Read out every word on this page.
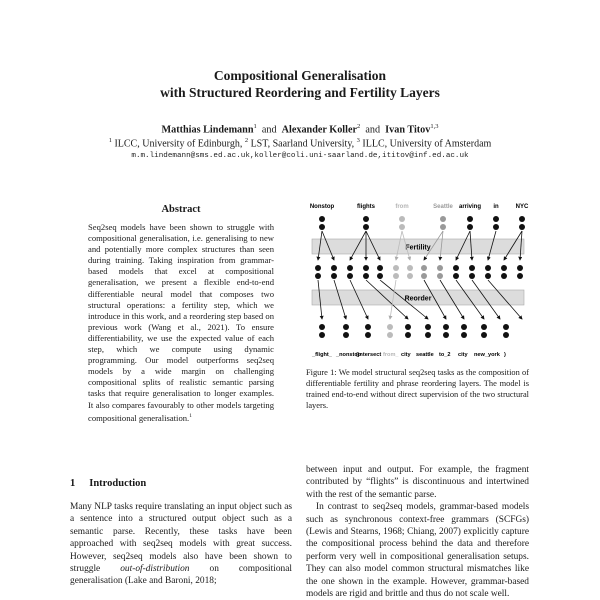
Compositional Generalisation
with Structured Reordering and Fertility Layers
Matthias Lindemann$^1$ and Alexander Koller$^2$ and Ivan Titov$^{1,3}$
$^1$ ILCC, University of Edinburgh, $^2$ LST, Saarland University, $^3$ ILLC, University of Amsterdam
m.m.lindemann@sms.ed.ac.uk,koller@coli.uni-saarland.de,ititov@inf.ed.ac.uk
Abstract
Seq2seq models have been shown to struggle with compositional generalisation, i.e. generalising to new and potentially more complex structures than seen during training. Taking inspiration from grammar-based models that excel at compositional generalisation, we present a flexible end-to-end differentiable neural model that composes two structural operations: a fertility step, which we introduce in this work, and a reordering step based on previous work (Wang et al., 2021). To ensure differentiability, we use the expected value of each step, which we compute using dynamic programming. Our model outperforms seq2seq models by a wide margin on challenging compositional splits of realistic semantic parsing tasks that require generalisation to longer examples. It also compares favourably to other models targeting compositional generalisation.$^1$
1 Introduction
Many NLP tasks require translating an input object such as a sentence into a structured output object such as a semantic parse. Recently, these tasks have been approached with seq2seq models with great success. However, seq2seq models also have been shown to struggle out-of-distribution on compositional generalisation (Lake and Baroni, 2018;
Nonstop	flights	from	Seattle arriving in	NYC
Fertility
Reorder
_flight_ _nonstop
(intersect from_ city seattle to_2 city new_york )
Figure 1: We model structural seq2seq tasks as the composition of differentiable fertility and phrase reordering layers. The model is trained end-to-end without direct supervision of the two structural layers.

between input and output. For example, the fragment contributed by “flights” is discontinuous and intertwined with the rest of the semantic parse.

In contrast to seq2seq models, grammar-based models such as synchronous context-free grammars (SCFGs) (Lewis and Stearns, 1968; Chiang, 2007) explicitly capture the compositional process behind the data and therefore perform very well in compositional generalisation setups. They can also model common structural mismatches like the one shown in the example. However, grammar-based models are rigid and brittle and thus do not scale well.
